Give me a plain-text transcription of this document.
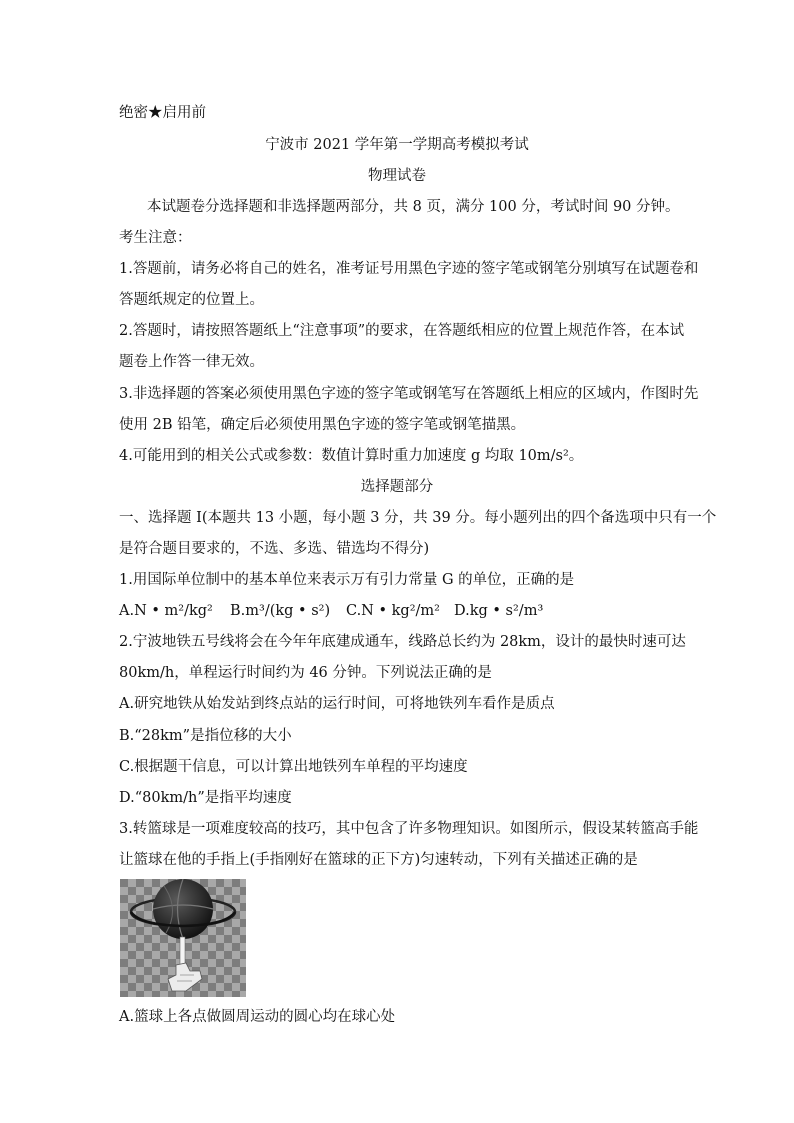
绝密★启用前
宁波市 2021 学年第一学期高考模拟考试
物理试卷
本试题卷分选择题和非选择题两部分，共 8 页，满分 100 分，考试时间 90 分钟。
考生注意：
1.答题前，请务必将自己的姓名，准考证号用黑色字迹的签字笔或钢笔分别填写在试题卷和
答题纸规定的位置上。
2.答题时，请按照答题纸上“注意事项”的要求，在答题纸相应的位置上规范作答，在本试
题卷上作答一律无效。
3.非选择题的答案必须使用黑色字迹的签字笔或钢笔写在答题纸上相应的区域内，作图时先
使用 2B 铅笔，确定后必须使用黑色字迹的签字笔或钢笔描黑。
4.可能用到的相关公式或参数：数值计算时重力加速度 g 均取 10m/s²。
选择题部分
一、选择题 I(本题共 13 小题，每小题 3 分，共 39 分。每小题列出的四个备选项中只有一个
是符合题目要求的，不选、多选、错选均不得分)
1.用国际单位制中的基本单位来表示万有引力常量 G 的单位，正确的是
A.N • m²/kg² B.m³/(kg • s²) C.N • kg²/m² D.kg • s²/m³
2.宁波地铁五号线将会在今年年底建成通车，线路总长约为 28km，设计的最快时速可达
80km/h，单程运行时间约为 46 分钟。下列说法正确的是
A.研究地铁从始发站到终点站的运行时间，可将地铁列车看作是质点
B.“28km”是指位移的大小
C.根据题干信息，可以计算出地铁列车单程的平均速度
D.“80km/h”是指平均速度
3.转篮球是一项难度较高的技巧，其中包含了许多物理知识。如图所示，假设某转篮高手能
让篮球在他的手指上(手指刚好在篮球的正下方)匀速转动，下列有关描述正确的是
A.篮球上各点做圆周运动的圆心均在球心处
